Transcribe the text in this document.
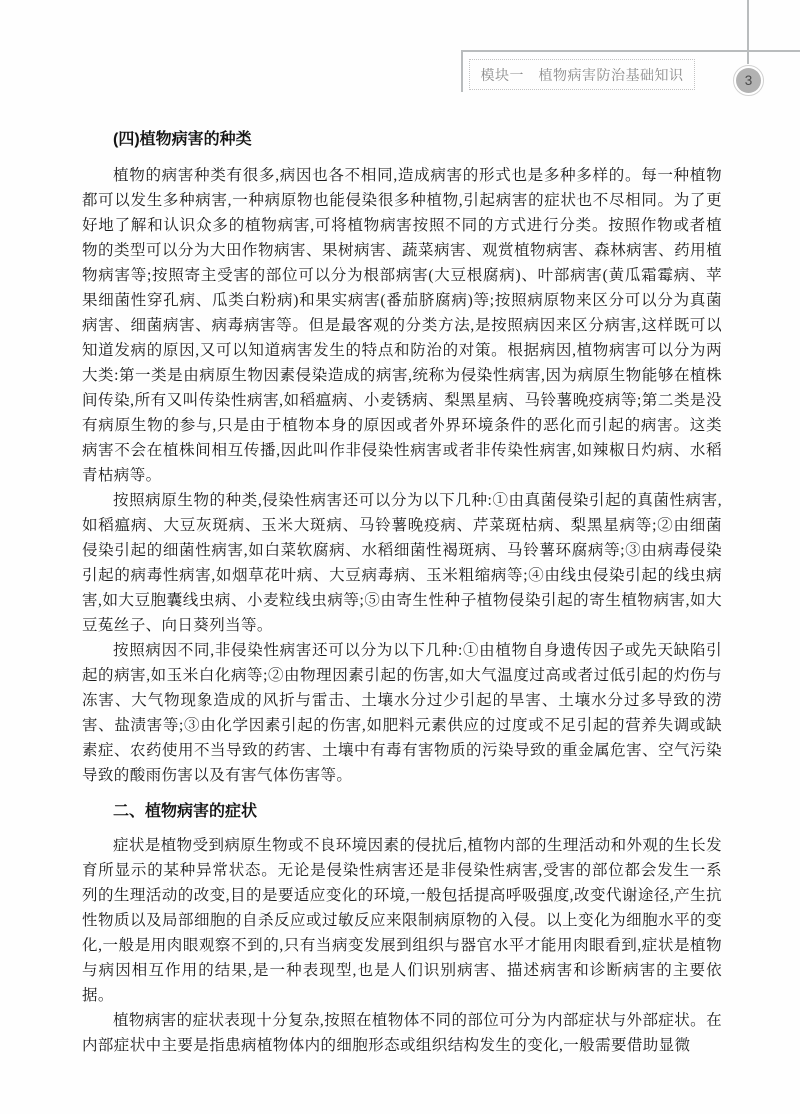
模块一　植物病害防治基础知识	3
(四)植物病害的种类

植物的病害种类有很多,病因也各不相同,造成病害的形式也是多种多样的。每一种植物都可以发生多种病害,一种病原物也能侵染很多种植物,引起病害的症状也不尽相同。为了更好地了解和认识众多的植物病害,可将植物病害按照不同的方式进行分类。按照作物或者植物的类型可以分为大田作物病害、果树病害、蔬菜病害、观赏植物病害、森林病害、药用植物病害等;按照寄主受害的部位可以分为根部病害(大豆根腐病)、叶部病害(黄瓜霜霉病、苹果细菌性穿孔病、瓜类白粉病)和果实病害(番茄脐腐病)等;按照病原物来区分可以分为真菌病害、细菌病害、病毒病害等。但是最客观的分类方法,是按照病因来区分病害,这样既可以知道发病的原因,又可以知道病害发生的特点和防治的对策。根据病因,植物病害可以分为两大类:第一类是由病原生物因素侵染造成的病害,统称为侵染性病害,因为病原生物能够在植株间传染,所有又叫传染性病害,如稻瘟病、小麦锈病、梨黑星病、马铃薯晚疫病等;第二类是没有病原生物的参与,只是由于植物本身的原因或者外界环境条件的恶化而引起的病害。这类病害不会在植株间相互传播,因此叫作非侵染性病害或者非传染性病害,如辣椒日灼病、水稻青枯病等。

按照病原生物的种类,侵染性病害还可以分为以下几种:①由真菌侵染引起的真菌性病害,如稻瘟病、大豆灰斑病、玉米大斑病、马铃薯晚疫病、芹菜斑枯病、梨黑星病等;②由细菌侵染引起的细菌性病害,如白菜软腐病、水稻细菌性褐斑病、马铃薯环腐病等;③由病毒侵染引起的病毒性病害,如烟草花叶病、大豆病毒病、玉米粗缩病等;④由线虫侵染引起的线虫病害,如大豆胞囊线虫病、小麦粒线虫病等;⑤由寄生性种子植物侵染引起的寄生植物病害,如大豆菟丝子、向日葵列当等。

按照病因不同,非侵染性病害还可以分为以下几种:①由植物自身遗传因子或先天缺陷引起的病害,如玉米白化病等;②由物理因素引起的伤害,如大气温度过高或者过低引起的灼伤与冻害、大气物现象造成的风折与雷击、土壤水分过少引起的旱害、土壤水分过多导致的涝害、盐渍害等;③由化学因素引起的伤害,如肥料元素供应的过度或不足引起的营养失调或缺素症、农药使用不当导致的药害、土壤中有毒有害物质的污染导致的重金属危害、空气污染导致的酸雨伤害以及有害气体伤害等。

二、植物病害的症状

症状是植物受到病原生物或不良环境因素的侵扰后,植物内部的生理活动和外观的生长发育所显示的某种异常状态。无论是侵染性病害还是非侵染性病害,受害的部位都会发生一系列的生理活动的改变,目的是要适应变化的环境,一般包括提高呼吸强度,改变代谢途径,产生抗性物质以及局部细胞的自杀反应或过敏反应来限制病原物的入侵。以上变化为细胞水平的变化,一般是用肉眼观察不到的,只有当病变发展到组织与器官水平才能用肉眼看到,症状是植物与病因相互作用的结果,是一种表现型,也是人们识别病害、描述病害和诊断病害的主要依据。

植物病害的症状表现十分复杂,按照在植物体不同的部位可分为内部症状与外部症状。在内部症状中主要是指患病植物体内的细胞形态或组织结构发生的变化,一般需要借助显微
